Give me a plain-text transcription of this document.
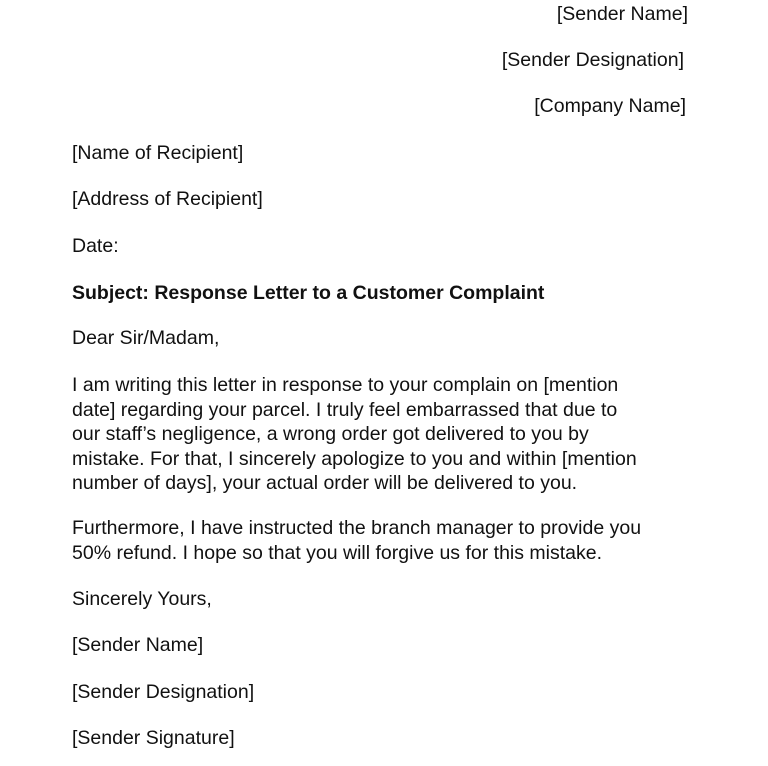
[Sender Name]
[Sender Designation]
[Company Name]
[Name of Recipient]
[Address of Recipient]
Date:
Subject: Response Letter to a Customer Complaint
Dear Sir/Madam,
I am writing this letter in response to your complain on [mention
date] regarding your parcel. I truly feel embarrassed that due to
our staff’s negligence, a wrong order got delivered to you by
mistake. For that, I sincerely apologize to you and within [mention
number of days], your actual order will be delivered to you.
Furthermore, I have instructed the branch manager to provide you
50% refund. I hope so that you will forgive us for this mistake.
Sincerely Yours,
[Sender Name]
[Sender Designation]
[Sender Signature]
